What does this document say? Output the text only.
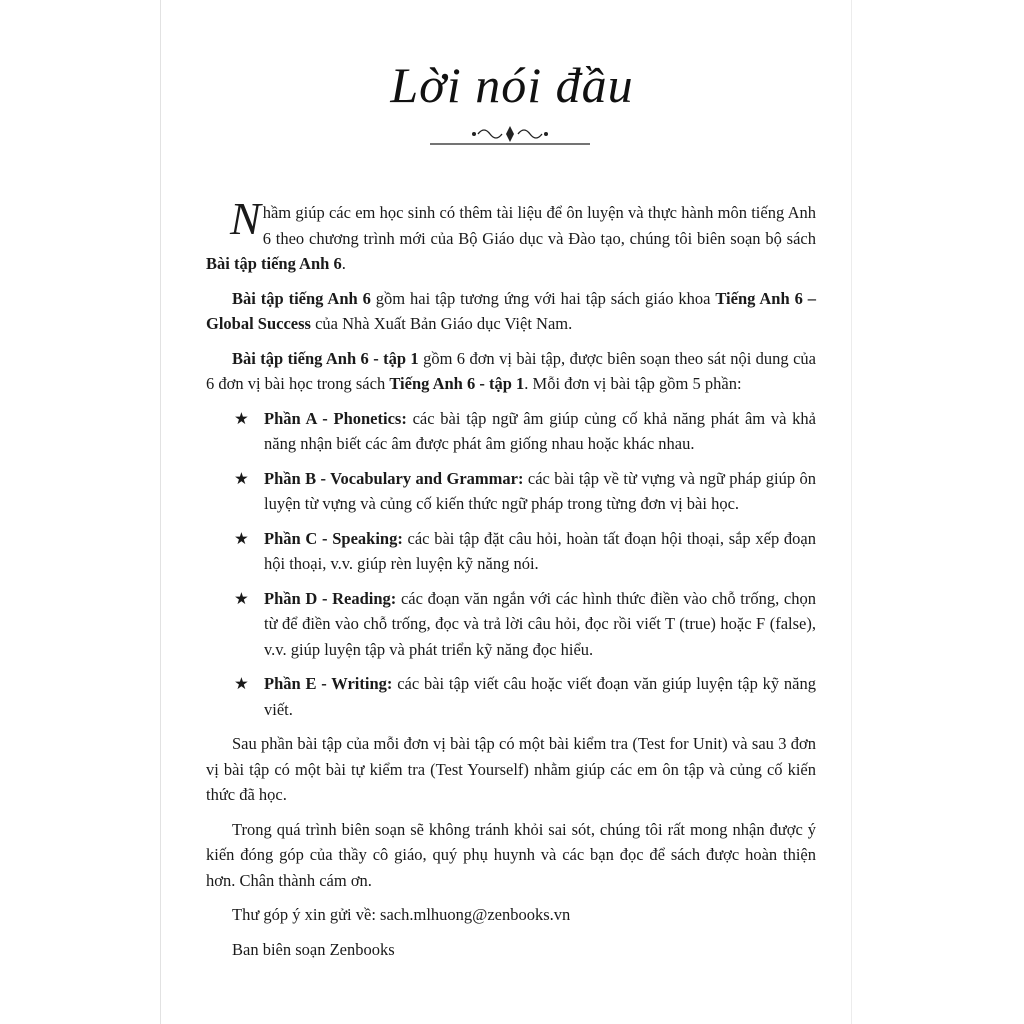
Lời nói đầu

Nhầm giúp các em học sinh có thêm tài liệu để ôn luyện và thực hành môn tiếng Anh 6 theo chương trình mới của Bộ Giáo dục và Đào tạo, chúng tôi biên soạn bộ sách Bài tập tiếng Anh 6.

Bài tập tiếng Anh 6 gồm hai tập tương ứng với hai tập sách giáo khoa Tiếng Anh 6 – Global Success của Nhà Xuất Bản Giáo dục Việt Nam.

Bài tập tiếng Anh 6 - tập 1 gồm 6 đơn vị bài tập, được biên soạn theo sát nội dung của 6 đơn vị bài học trong sách Tiếng Anh 6 - tập 1. Mỗi đơn vị bài tập gồm 5 phần:

★ Phần A - Phonetics: các bài tập ngữ âm giúp củng cố khả năng phát âm và khả năng nhận biết các âm được phát âm giống nhau hoặc khác nhau.
★ Phần B - Vocabulary and Grammar: các bài tập về từ vựng và ngữ pháp giúp ôn luyện từ vựng và củng cố kiến thức ngữ pháp trong từng đơn vị bài học.
★ Phần C - Speaking: các bài tập đặt câu hỏi, hoàn tất đoạn hội thoại, sắp xếp đoạn hội thoại, v.v. giúp rèn luyện kỹ năng nói.
★ Phần D - Reading: các đoạn văn ngắn với các hình thức điền vào chỗ trống, chọn từ để điền vào chỗ trống, đọc và trả lời câu hỏi, đọc rồi viết T (true) hoặc F (false), v.v. giúp luyện tập và phát triển kỹ năng đọc hiểu.
★ Phần E - Writing: các bài tập viết câu hoặc viết đoạn văn giúp luyện tập kỹ năng viết.

Sau phần bài tập của mỗi đơn vị bài tập có một bài kiểm tra (Test for Unit) và sau 3 đơn vị bài tập có một bài tự kiểm tra (Test Yourself) nhằm giúp các em ôn tập và củng cố kiến thức đã học.

Trong quá trình biên soạn sẽ không tránh khỏi sai sót, chúng tôi rất mong nhận được ý kiến đóng góp của thầy cô giáo, quý phụ huynh và các bạn đọc để sách được hoàn thiện hơn. Chân thành cám ơn.

Thư góp ý xin gửi về: sach.mlhuong@zenbooks.vn

Ban biên soạn Zenbooks
